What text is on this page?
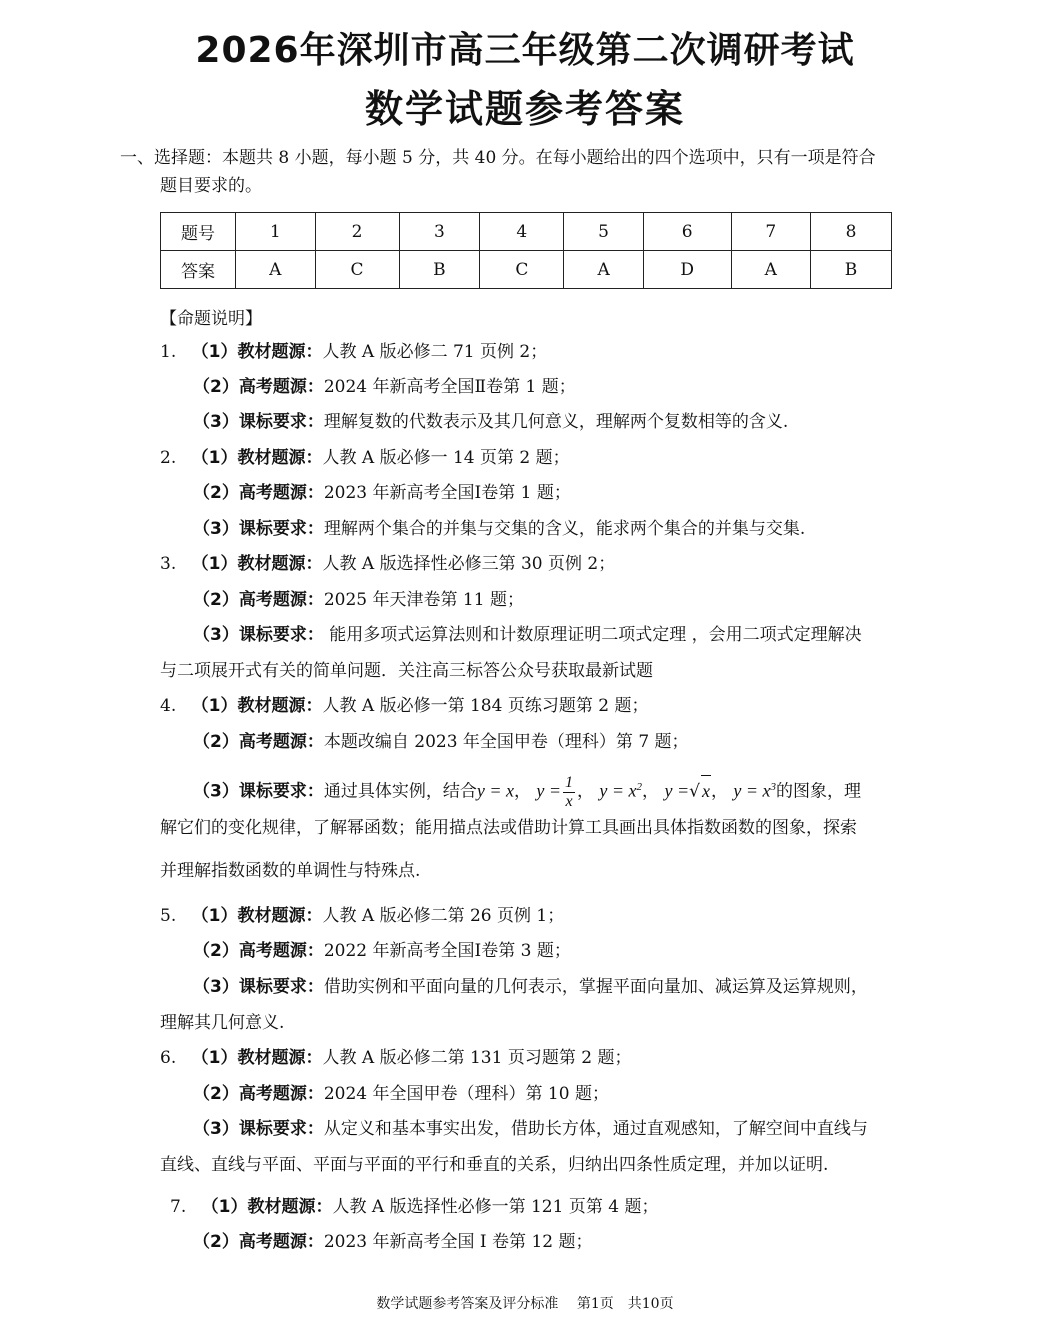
2026年深圳市高三年级第二次调研考试
数学试题参考答案
一、选择题：本题共 8 小题，每小题 5 分，共 40 分。在每小题给出的四个选项中，只有一项是符合
题目要求的。
题号	1	2	3	4	5	6	7	8
答案	A	C	B	C	A	D	A	B
【命题说明】
1. （1）教材题源：人教 A 版必修二 71 页例 2；
（2）高考题源：2024 年新高考全国Ⅱ卷第 1 题；
（3）课标要求：理解复数的代数表示及其几何意义，理解两个复数相等的含义.
2. （1）教材题源：人教 A 版必修一 14 页第 2 题；
（2）高考题源：2023 年新高考全国Ⅰ卷第 1 题；
（3）课标要求：理解两个集合的并集与交集的含义，能求两个集合的并集与交集.
3. （1）教材题源：人教 A 版选择性必修三第 30 页例 2；
（2）高考题源：2025 年天津卷第 11 题；
（3）课标要求： 能用多项式运算法则和计数原理证明二项式定理 ，会用二项式定理解决
与二项展开式有关的简单问题．关注高三标答公众号获取最新试题
4. （1）教材题源：人教 A 版必修一第 184 页练习题第 2 题；
（2）高考题源：本题改编自 2023 年全国甲卷（理科）第 7 题；
（3）课标要求：通过具体实例，结合y = x， $y = \frac{1}{x}$ ， $y = x^2$， y =√ x， $y = x^3$的图象，理
解它们的变化规律，了解幂函数；能用描点法或借助计算工具画出具体指数函数的图象，探索
并理解指数函数的单调性与特殊点.
5. （1）教材题源：人教 A 版必修二第 26 页例 1；
（2）高考题源：2022 年新高考全国Ⅰ卷第 3 题；
（3）课标要求：借助实例和平面向量的几何表示，掌握平面向量加、减运算及运算规则，
理解其几何意义.
6. （1）教材题源：人教 A 版必修二第 131 页习题第 2 题；
（2）高考题源：2024 年全国甲卷（理科）第 10 题；
（3）课标要求：从定义和基本事实出发，借助长方体，通过直观感知，了解空间中直线与
直线、直线与平面、平面与平面的平行和垂直的关系，归纳出四条性质定理，并加以证明.
7. （1）教材题源：人教 A 版选择性必修一第 121 页第 4 题；
（2）高考题源：2023 年新高考全国 Ⅰ 卷第 12 题；
数学试题参考答案及评分标准　 第1页　共10页
